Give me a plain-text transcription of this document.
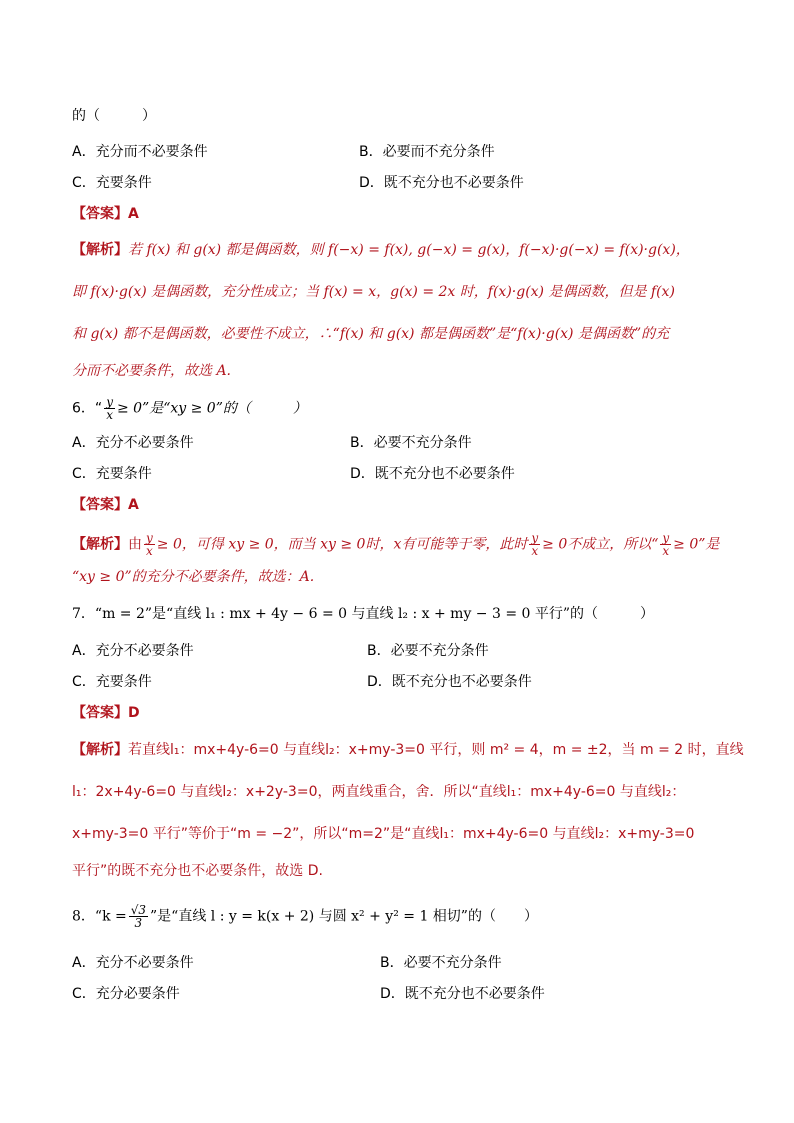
的（　　　）
A．充分而不必要条件	B．必要而不充分条件
C．充要条件	D．既不充分也不必要条件
【答案】A
【解析】若 f(x) 和 g(x) 都是偶函数，则 f(−x) = f(x), g(−x) = g(x)，f(−x)·g(−x) = f(x)·g(x)，
即 f(x)·g(x) 是偶函数，充分性成立；当 f(x) = x，g(x) = 2x 时，f(x)·g(x) 是偶函数，但是 f(x)
和 g(x) 都不是偶函数，必要性不成立，∴“f(x) 和 g(x) 都是偶函数”是“f(x)·g(x) 是偶函数”的充
分而不必要条件，故选 A.
6．“ $\frac{y}{x} \ge 0$”是“xy ≥ 0”的（　　　）
A．充分不必要条件	B．必要不充分条件
C．充要条件	D．既不充分也不必要条件
【答案】A
【解析】由 $\frac{y}{x} \ge 0$，可得 xy ≥ 0，而当 xy ≥ 0时，x有可能等于零，此时 $\frac{y}{x} \ge 0$不成立，所以“ $\frac{y}{x} \ge 0$”是
“xy ≥ 0”的充分不必要条件，故选：A.
7．“m = 2”是“直线 l₁ : mx + 4y − 6 = 0 与直线 l₂ : x + my − 3 = 0 平行”的（　　　）
A．充分不必要条件	B．必要不充分条件
C．充要条件	D．既不充分也不必要条件
【答案】D
【解析】若直线l₁：mx+4y-6=0 与直线l₂：x+my-3=0 平行，则 m² = 4，m = ±2，当 m = 2 时，直线
l₁：2x+4y-6=0 与直线l₂：x+2y-3=0，两直线重合，舍．所以“直线l₁：mx+4y-6=0 与直线l₂：
x+my-3=0 平行”等价于“m = −2”，所以“m=2”是“直线l₁：mx+4y-6=0 与直线l₂：x+my-3=0
平行”的既不充分也不必要条件，故选 D.
8．“$k = \frac{√3}{3}$ ”是“直线 l : y = k(x + 2) 与圆 x² + y² = 1 相切”的（　　）
A．充分不必要条件	B．必要不充分条件
C．充分必要条件	D．既不充分也不必要条件
